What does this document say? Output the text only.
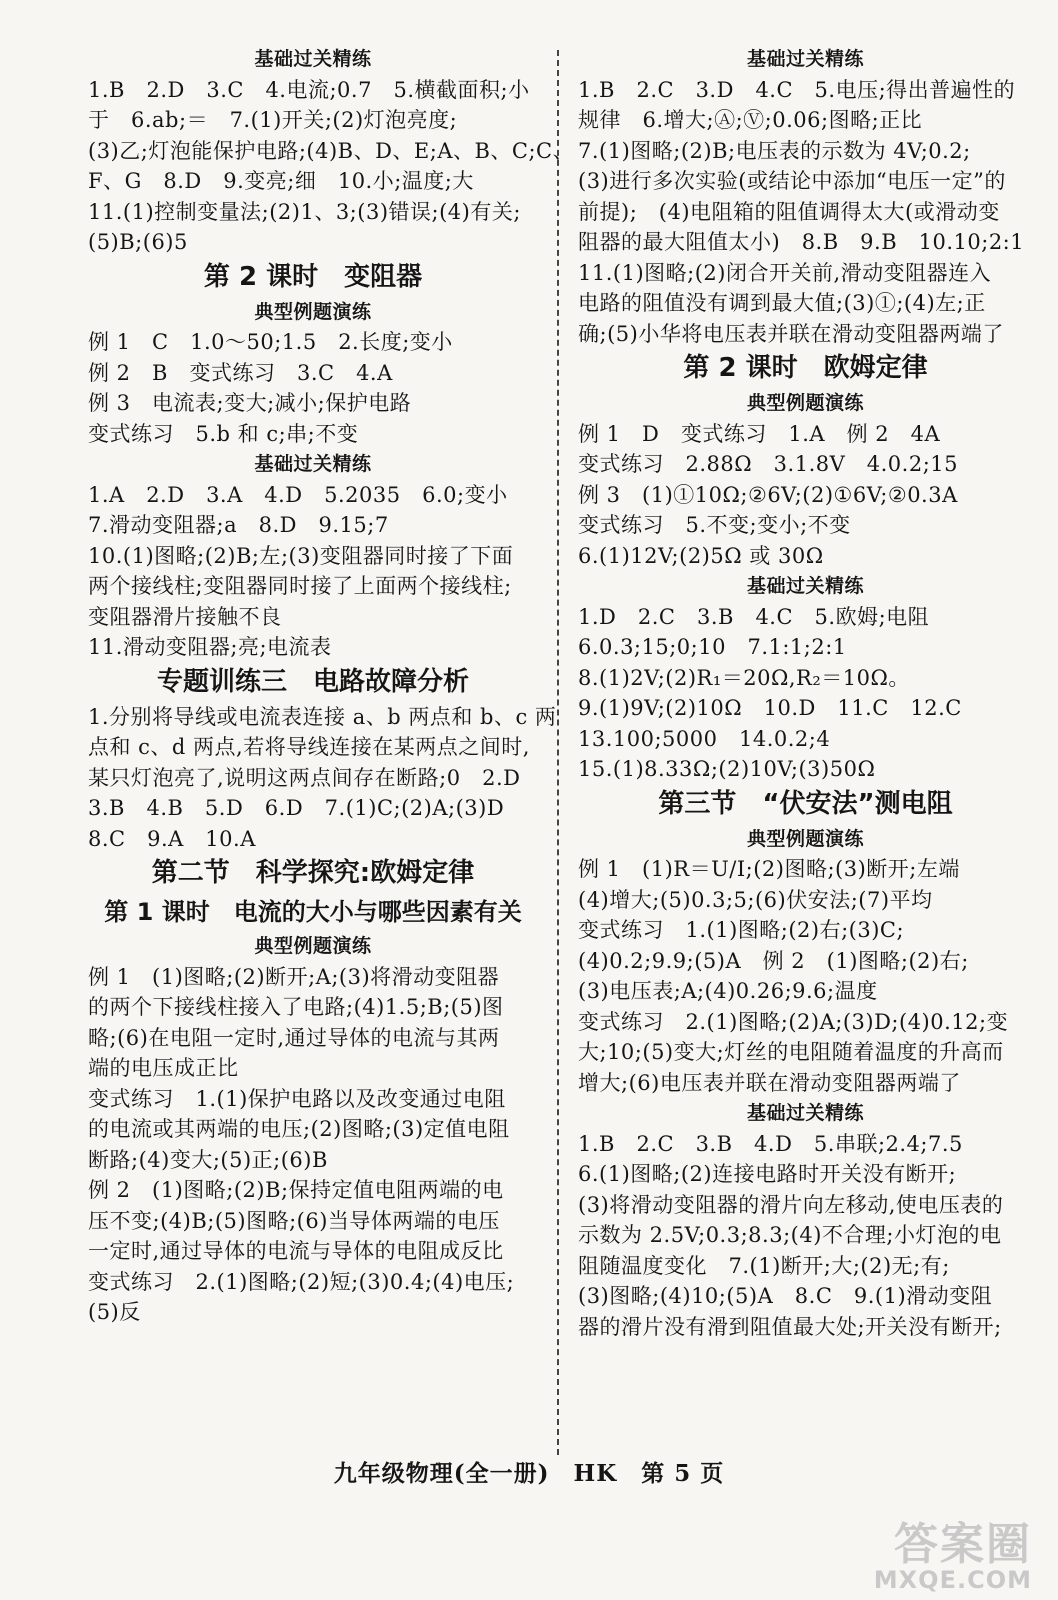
基础过关精练
1.B　2.D　3.C　4.电流;0.7　5.横截面积;小
于　6.ab;＝　7.(1)开关;(2)灯泡亮度;
(3)乙;灯泡能保护电路;(4)B、D、E;A、B、C;C、
F、G　8.D　9.变亮;细　10.小;温度;大
11.(1)控制变量法;(2)1、3;(3)错误;(4)有关;
(5)B;(6)5
第 2 课时　变阻器
典型例题演练
例 1　C　1.0～50;1.5　2.长度;变小
例 2　B　变式练习　3.C　4.A
例 3　电流表;变大;减小;保护电路
变式练习　5.b 和 c;串;不变
基础过关精练
1.A　2.D　3.A　4.D　5.2035　6.0;变小
7.滑动变阻器;a　8.D　9.15;7
10.(1)图略;(2)B;左;(3)变阻器同时接了下面
两个接线柱;变阻器同时接了上面两个接线柱;
变阻器滑片接触不良
11.滑动变阻器;亮;电流表
专题训练三　电路故障分析
1.分别将导线或电流表连接 a、b 两点和 b、c 两
点和 c、d 两点,若将导线连接在某两点之间时,
某只灯泡亮了,说明这两点间存在断路;0　2.D
3.B　4.B　5.D　6.D　7.(1)C;(2)A;(3)D
8.C　9.A　10.A
第二节　科学探究:欧姆定律
第 1 课时　电流的大小与哪些因素有关
典型例题演练
例 1　(1)图略;(2)断开;A;(3)将滑动变阻器
的两个下接线柱接入了电路;(4)1.5;B;(5)图
略;(6)在电阻一定时,通过导体的电流与其两
端的电压成正比
变式练习　1.(1)保护电路以及改变通过电阻
的电流或其两端的电压;(2)图略;(3)定值电阻
断路;(4)变大;(5)正;(6)B
例 2　(1)图略;(2)B;保持定值电阻两端的电
压不变;(4)B;(5)图略;(6)当导体两端的电压
一定时,通过导体的电流与导体的电阻成反比
变式练习　2.(1)图略;(2)短;(3)0.4;(4)电压;
(5)反
基础过关精练
1.B　2.C　3.D　4.C　5.电压;得出普遍性的
规律　6.增大;Ⓐ;Ⓥ;0.06;图略;正比
7.(1)图略;(2)B;电压表的示数为 4V;0.2;
(3)进行多次实验(或结论中添加“电压一定”的
前提);　(4)电阻箱的阻值调得太大(或滑动变
阻器的最大阻值太小)　8.B　9.B　10.10;2:1
11.(1)图略;(2)闭合开关前,滑动变阻器连入
电路的阻值没有调到最大值;(3)①;(4)左;正
确;(5)小华将电压表并联在滑动变阻器两端了
第 2 课时　欧姆定律
典型例题演练
例 1　D　变式练习　1.A　例 2　4A
变式练习　2.88Ω　3.1.8V　4.0.2;15
例 3　(1)①10Ω;②6V;(2)①6V;②0.3A
变式练习　5.不变;变小;不变
6.(1)12V;(2)5Ω 或 30Ω
基础过关精练
1.D　2.C　3.B　4.C　5.欧姆;电阻
6.0.3;15;0;10　7.1:1;2:1
8.(1)2V;(2)R₁＝20Ω,R₂＝10Ω。
9.(1)9V;(2)10Ω　10.D　11.C　12.C
13.100;5000　14.0.2;4
15.(1)8.33Ω;(2)10V;(3)50Ω
第三节　“伏安法”测电阻
典型例题演练
例 1　(1)R＝U/I;(2)图略;(3)断开;左端
(4)增大;(5)0.3;5;(6)伏安法;(7)平均
变式练习　1.(1)图略;(2)右;(3)C;
(4)0.2;9.9;(5)A　例 2　(1)图略;(2)右;
(3)电压表;A;(4)0.26;9.6;温度
变式练习　2.(1)图略;(2)A;(3)D;(4)0.12;变
大;10;(5)变大;灯丝的电阻随着温度的升高而
增大;(6)电压表并联在滑动变阻器两端了
基础过关精练
1.B　2.C　3.B　4.D　5.串联;2.4;7.5
6.(1)图略;(2)连接电路时开关没有断开;
(3)将滑动变阻器的滑片向左移动,使电压表的
示数为 2.5V;0.3;8.3;(4)不合理;小灯泡的电
阻随温度变化　7.(1)断开;大;(2)无;有;
(3)图略;(4)10;(5)A　8.C　9.(1)滑动变阻
器的滑片没有滑到阻值最大处;开关没有断开;
九年级物理(全一册)　HK　第 5 页
答案圈
MXQE.COM
